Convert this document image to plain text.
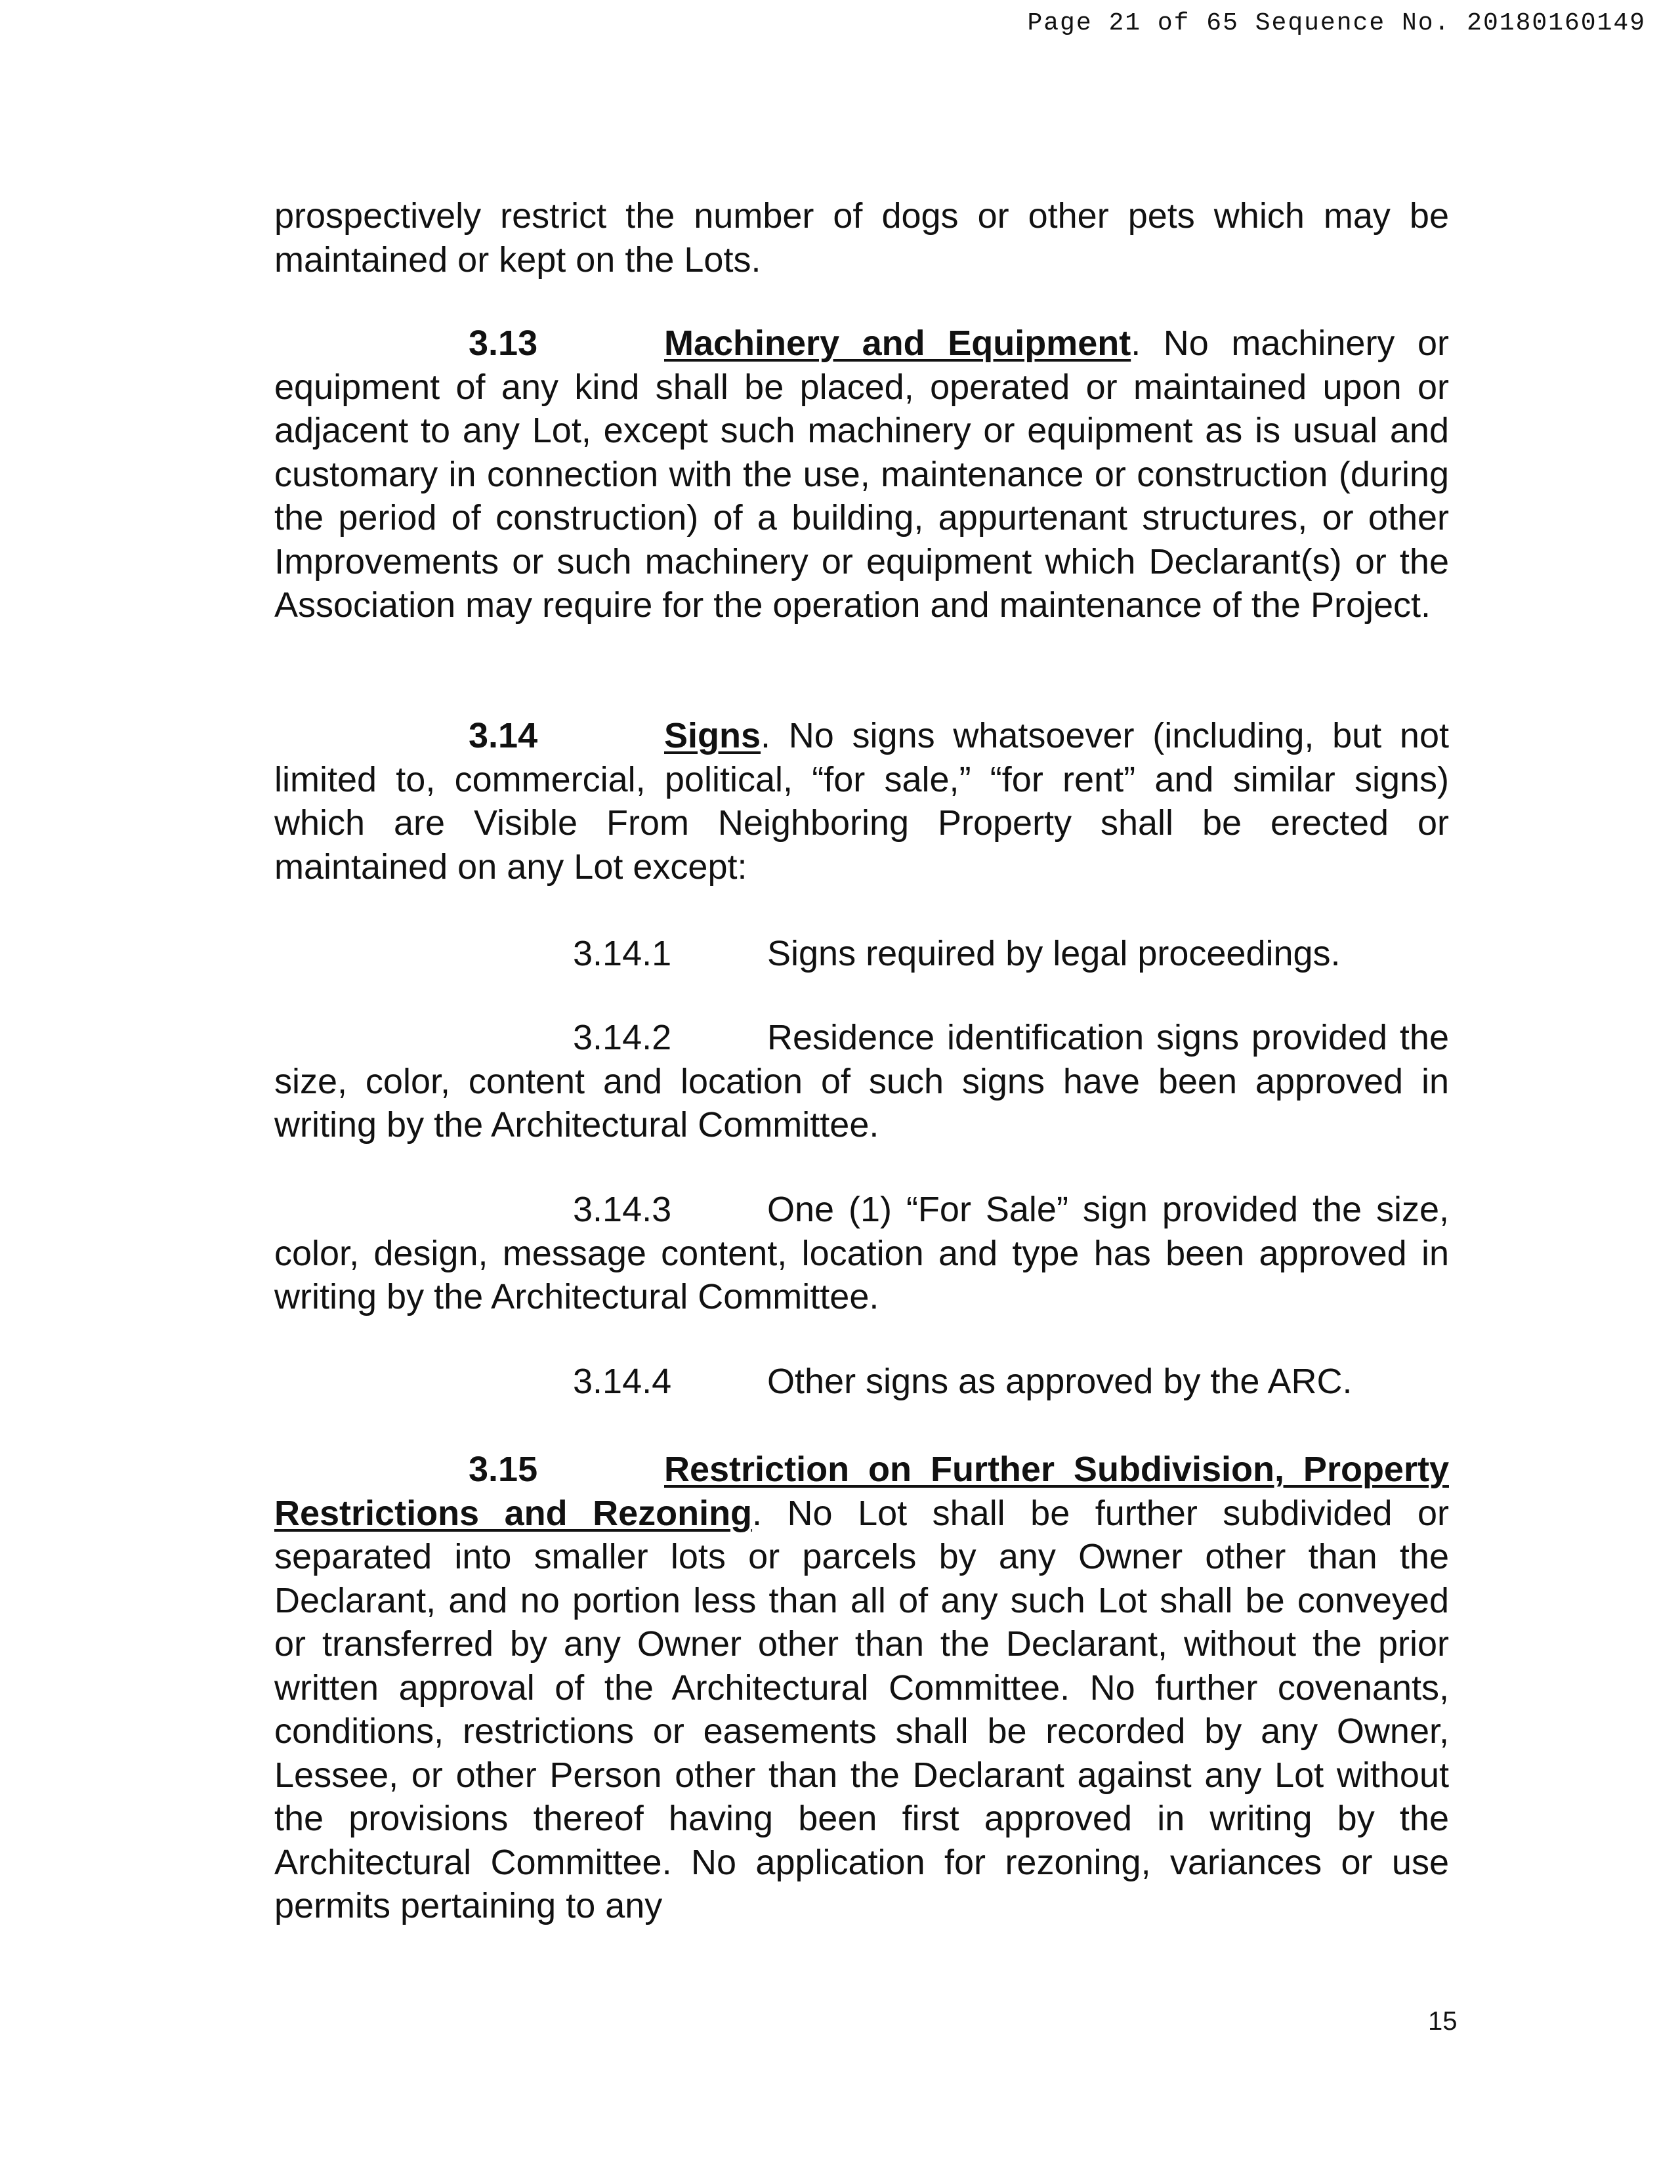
Page 21 of 65 Sequence No. 20180160149

prospectively restrict the number of dogs or other pets which may be maintained or kept on the Lots.

3.13	Machinery and Equipment. No machinery or equipment of any kind shall be placed, operated or maintained upon or adjacent to any Lot, except such machinery or equipment as is usual and customary in connection with the use, maintenance or construction (during the period of construction) of a building, appurtenant structures, or other Improvements or such machinery or equipment which Declarant(s) or the Association may require for the operation and maintenance of the Project.

3.14	Signs. No signs whatsoever (including, but not limited to, commercial, political, “for sale,” “for rent” and similar signs) which are Visible From Neighboring Property shall be erected or maintained on any Lot except:

3.14.1	Signs required by legal proceedings.

3.14.2	Residence identification signs provided the size, color, content and location of such signs have been approved in writing by the Architectural Committee.

3.14.3	One (1) “For Sale” sign provided the size, color, design, message content, location and type has been approved in writing by the Architectural Committee.

3.14.4	Other signs as approved by the ARC.

3.15	Restriction on Further Subdivision, Property Restrictions and Rezoning. No Lot shall be further subdivided or separated into smaller lots or parcels by any Owner other than the Declarant, and no portion less than all of any such Lot shall be conveyed or transferred by any Owner other than the Declarant, without the prior written approval of the Architectural Committee. No further covenants, conditions, restrictions or easements shall be recorded by any Owner, Lessee, or other Person other than the Declarant against any Lot without the provisions thereof having been first approved in writing by the Architectural Committee. No application for rezoning, variances or use permits pertaining to any

15
